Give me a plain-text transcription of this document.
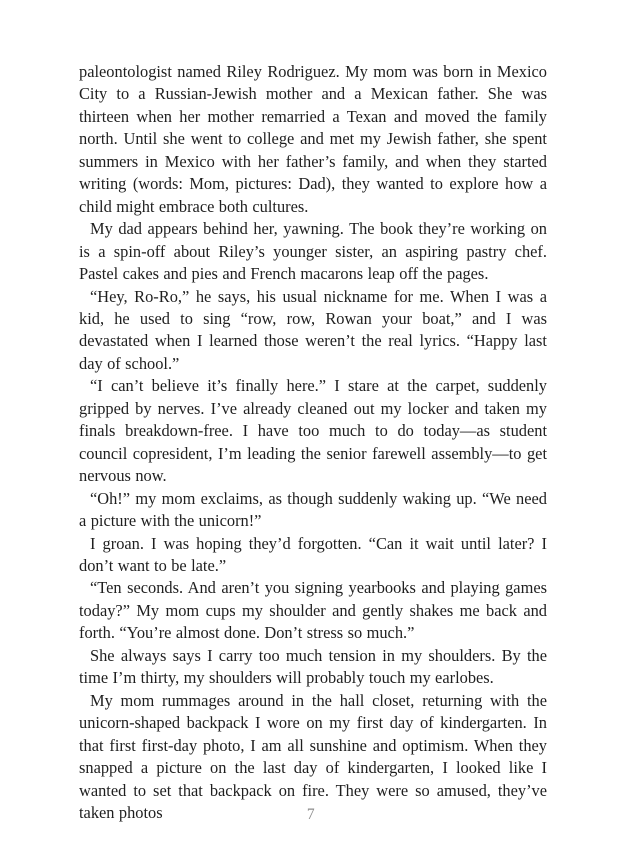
paleontologist named Riley Rodriguez. My mom was born in Mexico City to a Russian-Jewish mother and a Mexican father. She was thirteen when her mother remarried a Texan and moved the family north. Until she went to college and met my Jewish father, she spent summers in Mexico with her father’s family, and when they started writing (words: Mom, pictures: Dad), they wanted to explore how a child might embrace both cultures.

My dad appears behind her, yawning. The book they’re working on is a spin-off about Riley’s younger sister, an aspiring pastry chef. Pastel cakes and pies and French macarons leap off the pages.

“Hey, Ro-Ro,” he says, his usual nickname for me. When I was a kid, he used to sing “row, row, Rowan your boat,” and I was devastated when I learned those weren’t the real lyrics. “Happy last day of school.”

“I can’t believe it’s finally here.” I stare at the carpet, suddenly gripped by nerves. I’ve already cleaned out my locker and taken my finals breakdown-free. I have too much to do today—as student council copresident, I’m leading the senior farewell assembly—to get nervous now.

“Oh!” my mom exclaims, as though suddenly waking up. “We need a picture with the unicorn!”

I groan. I was hoping they’d forgotten. “Can it wait until later? I don’t want to be late.”

“Ten seconds. And aren’t you signing yearbooks and playing games today?” My mom cups my shoulder and gently shakes me back and forth. “You’re almost done. Don’t stress so much.”

She always says I carry too much tension in my shoulders. By the time I’m thirty, my shoulders will probably touch my earlobes.

My mom rummages around in the hall closet, returning with the unicorn-shaped backpack I wore on my first day of kindergarten. In that first first-day photo, I am all sunshine and optimism. When they snapped a picture on the last day of kindergarten, I looked like I wanted to set that backpack on fire. They were so amused, they’ve taken photos	7
